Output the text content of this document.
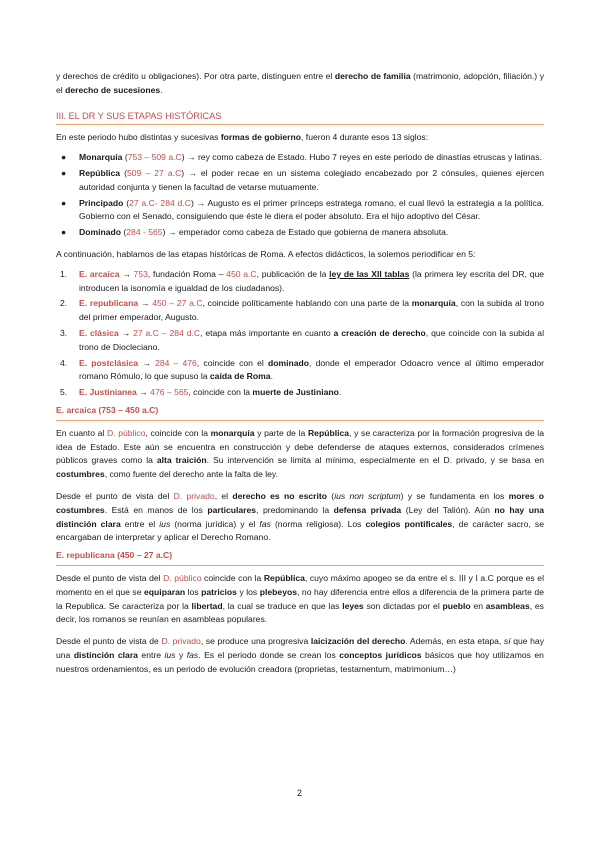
y derechos de crédito u obligaciones). Por otra parte, distinguen entre el derecho de familia (matrimonio, adopción, filiación.) y el derecho de sucesiones.

III. EL DR Y SUS ETAPAS HISTÓRICAS

En este periodo hubo distintas y sucesivas formas de gobierno, fueron 4 durante esos 13 siglos:

● Monarquía (753 – 509 a.C) → rey como cabeza de Estado. Hubo 7 reyes en este periodo de dinastías etruscas y latinas.
● República (509 – 27 a.C) → el poder recae en un sistema colegiado encabezado por 2 cónsules, quienes ejercen autoridad conjunta y tienen la facultad de vetarse mutuamente.
● Principado (27 a.C- 284 d.C) → Augusto es el primer prínceps estratega romano, el cual llevó la estrategia a la política. Gobierno con el Senado, consiguiendo que éste le diera el poder absoluto. Era el hijo adoptivo del César.
● Dominado (284 - 565) → emperador como cabeza de Estado que gobierna de manera absoluta.

A continuación, hablamos de las etapas históricas de Roma. A efectos didácticos, la solemos periodificar en 5:

1. E. arcaica → 753, fundación Roma – 450 a.C, publicación de la ley de las XII tablas (la primera ley escrita del DR, que introducen la isonomía e igualdad de los ciudadanos).
2. E. republicana → 450 – 27 a.C, coincide políticamente hablando con una parte de la monarquía, con la subida al trono del primer emperador, Augusto.
3. E. clásica → 27 a.C – 284 d.C, etapa más importante en cuanto a creación de derecho, que coincide con la subida al trono de Diocleciano.
4. E. postclásica → 284 – 476, coincide con el dominado, donde el emperador Odoacro vence al último emperador romano Rómulo, lo que supuso la caída de Roma.
5. E. Justinianea → 476 – 565, coincide con la muerte de Justiniano.
E. arcaica (753 – 450 a.C)

En cuanto al D. público, coincide con la monarquía y parte de la República, y se caracteriza por la formación progresiva de la idea de Estado. Este aún se encuentra en construcción y debe defenderse de ataques externos, considerados crímenes públicos graves como la alta traición. Su intervención se limita al mínimo, especialmente en el D. privado, y se basa en costumbres, como fuente del derecho ante la falta de ley.

Desde el punto de vista del D. privado, el derecho es no escrito (ius non scriptum) y se fundamenta en los mores o costumbres. Está en manos de los particulares, predominando la defensa privada (Ley del Talión). Aún no hay una distinción clara entre el ius (norma jurídica) y el fas (norma religiosa). Los colegios pontificales, de carácter sacro, se encargaban de interpretar y aplicar el Derecho Romano.

E. republicana (450 – 27 a.C)

Desde el punto de vista del D. público coincide con la República, cuyo máximo apogeo se da entre el s. III y I a.C porque es el momento en el que se equiparan los patricios y los plebeyos, no hay diferencia entre ellos a diferencia de la primera parte de la Republica. Se caracteriza por la libertad, la cual se traduce en que las leyes son dictadas por el pueblo en asambleas, es decir, los romanos se reunían en asambleas populares.

Desde el punto de vista de D. privado, se produce una progresiva laicización del derecho. Además, en esta etapa, sí que hay una distinción clara entre ius y fas. Es el periodo donde se crean los conceptos jurídicos básicos que hoy utilizamos en nuestros ordenamientos, es un periodo de evolución creadora (proprietas, testamentum, matrimonium…)

2
